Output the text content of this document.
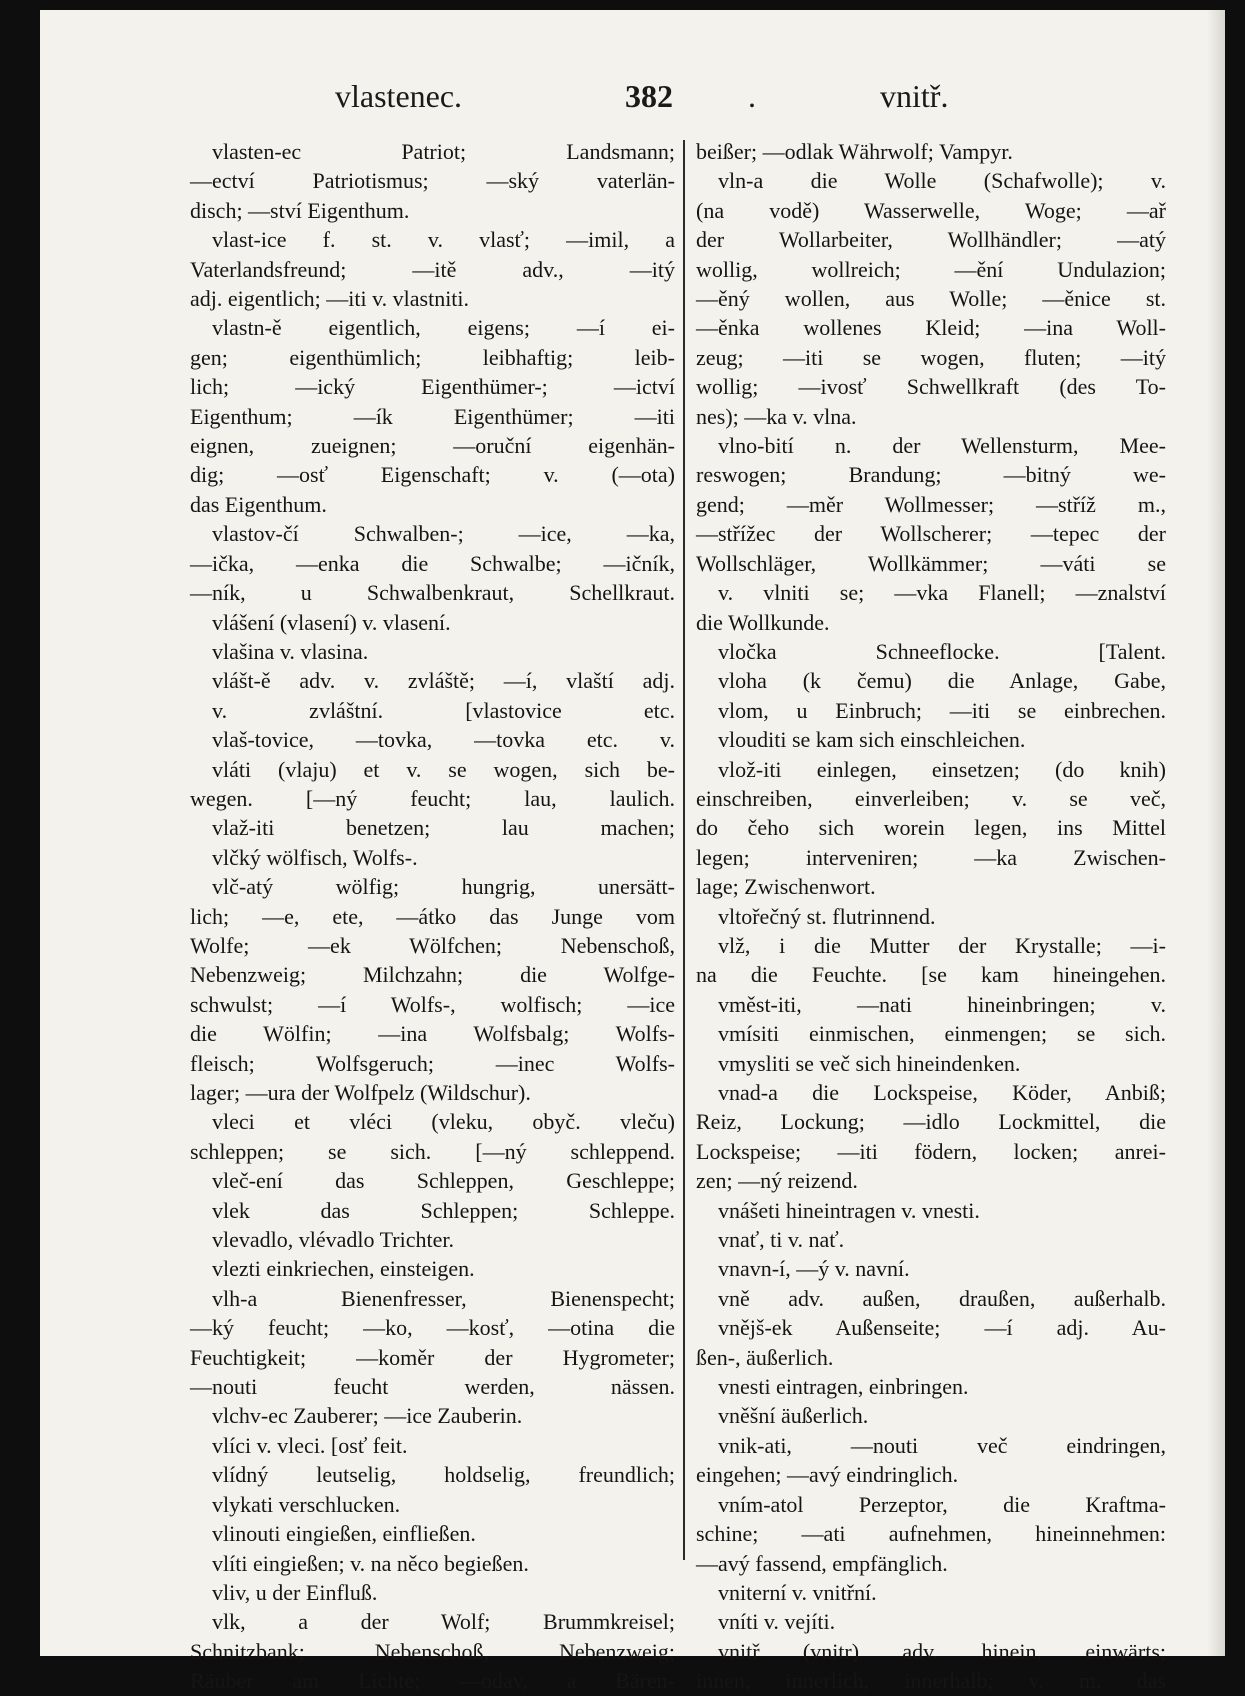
vlastenec.	382 .	vnitř.
vlasten-ec Patriot; Landsmann;
—ectví Patriotismus; —ský vaterlän-
disch; —ství Eigenthum.
vlast-ice f. st. v. vlasť; —imil, a
Vaterlandsfreund; —itě adv., —itý
adj. eigentlich; —iti v. vlastniti.
vlastn-ě eigentlich, eigens; —í ei-
gen; eigenthümlich; leibhaftig; leib-
lich; —ický Eigenthümer-; —ictví
Eigenthum; —ík Eigenthümer; —iti
eignen, zueignen; —oruční eigenhän-
dig; —osť Eigenschaft; v. (—ota)
das Eigenthum.
vlastov-čí Schwalben-; —ice, —ka,
—ička, —enka die Schwalbe; —ičník,
—ník, u Schwalbenkraut, Schellkraut.
vlášení (vlasení) v. vlasení.
vlašina v. vlasina.
vlášt-ě adv. v. zvláště; —í, vlaští adj.
v. zvláštní. [vlastovice etc.
vlaš-tovice, —tovka, —tovka etc. v.
vláti (vlaju) et v. se wogen, sich be-
wegen. [—ný feucht; lau, laulich.
vlaž-iti benetzen; lau machen;
vlčký wölfisch, Wolfs-.
vlč-atý wölfig; hungrig, unersätt-
lich; —e, ete, —átko das Junge vom
Wolfe; —ek Wölfchen; Nebenschoß,
Nebenzweig; Milchzahn; die Wolfge-
schwulst; —í Wolfs-, wolfisch; —ice
die Wölfin; —ina Wolfsbalg; Wolfs-
fleisch; Wolfsgeruch; —inec Wolfs-
lager; —ura der Wolfpelz (Wildschur).
vleci et vléci (vleku, obyč. vleču)
schleppen; se sich. [—ný schleppend.
vleč-ení das Schleppen, Geschleppe;
vlek das Schleppen; Schleppe.
vlevadlo, vlévadlo Trichter.
vlezti einkriechen, einsteigen.
vlh-a Bienenfresser, Bienenspecht;
—ký feucht; —ko, —kosť, —otina die
Feuchtigkeit; —koměr der Hygrometer;
—nouti feucht werden, nässen.
vlchv-ec Zauberer; —ice Zauberin.
vlíci v. vleci. [osť feit.
vlídný leutselig, holdselig, freundlich;
vlykati verschlucken.
vlinouti eingießen, einfließen.
vlíti eingießen; v. na něco begießen.
vliv, u der Einfluß.
vlk, a der Wolf; Brummkreisel;
Schnitzbank; Nebenschoß, Nebenzweig;
Räuber am Lichte; —odav, a Bären-
beißer; —odlak Währwolf; Vampyr.
vln-a die Wolle (Schafwolle); v.
(na vodě) Wasserwelle, Woge; —ař
der Wollarbeiter, Wollhändler; —atý
wollig, wollreich; —ění Undulazion;
—ěný wollen, aus Wolle; —ěnice st.
—ěnka wollenes Kleid; —ina Woll-
zeug; —iti se wogen, fluten; —itý
wollig; —ivosť Schwellkraft (des To-
nes); —ka v. vlna.
vlno-bití n. der Wellensturm, Mee-
reswogen; Brandung; —bitný we-
gend; —měr Wollmesser; —stříž m.,
—střížec der Wollscherer; —tepec der
Wollschläger, Wollkämmer; —váti se
v. vlniti se; —vka Flanell; —znalství
die Wollkunde.
vločka Schneeflocke. [Talent.
vloha (k čemu) die Anlage, Gabe,
vlom, u Einbruch; —iti se einbrechen.
vlouditi se kam sich einschleichen.
vlož-iti einlegen, einsetzen; (do knih)
einschreiben, einverleiben; v. se več,
do čeho sich worein legen, ins Mittel
legen; interveniren; —ka Zwischen-
lage; Zwischenwort.
vltořečný st. flutrinnend.
vlž, i die Mutter der Krystalle; —i-
na die Feuchte. [se kam hineingehen.
vměst-iti, —nati hineinbringen; v.
vmísiti einmischen, einmengen; se sich.
vmysliti se več sich hineindenken.
vnad-a die Lockspeise, Köder, Anbiß;
Reiz, Lockung; —idlo Lockmittel, die
Lockspeise; —iti födern, locken; anrei-
zen; —ný reizend.
vnášeti hineintragen v. vnesti.
vnať, ti v. nať.
vnavn-í, —ý v. navní.
vně adv. außen, draußen, außerhalb.
vnějš-ek Außenseite; —í adj. Au-
ßen-, äußerlich.
vnesti eintragen, einbringen.
vněšní äußerlich.
vnik-ati, —nouti več eindringen,
eingehen; —avý eindringlich.
vním-atol Perzeptor, die Kraftma-
schine; —ati aufnehmen, hineinnehmen:
—avý fassend, empfänglich.
vniterní v. vnitřní.
vníti v. vejíti.
vnitř (vnitr) adv. hinein, einwärts;
innen, innerlich, innerhalb; v. m. das
